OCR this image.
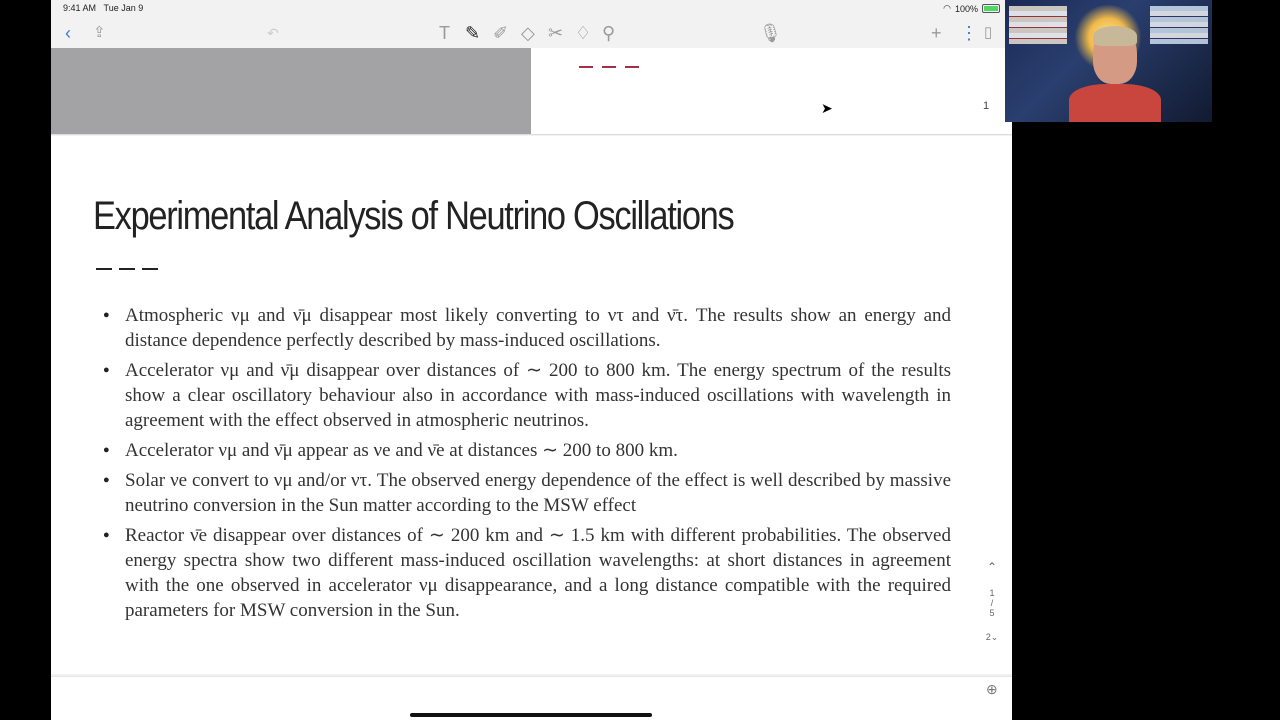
9:41 AM Tue Jan 9	◠ 100%
‹ ⇪	↶	T ✎ ✐ ◇ ✂ ♢ ⚲	🎙	+ ⋮ ▯
➤	1
Experimental Analysis of Neutrino Oscillations
● Atmospheric νμ and ν̄μ disappear most likely converting to ντ and ν̄τ. The results show an energy and distance dependence perfectly described by mass-induced oscillations.
● Accelerator νμ and ν̄μ disappear over distances of ∼ 200 to 800 km. The energy spectrum of the results show a clear oscillatory behaviour also in accordance with mass-induced oscillations with wavelength in agreement with the effect observed in atmospheric neutrinos.
● Accelerator νμ and ν̄μ appear as νe and ν̄e at distances ∼ 200 to 800 km.
● Solar νe convert to νμ and/or ντ. The observed energy dependence of the effect is well described by massive neutrino conversion in the Sun matter according to the MSW effect
● Reactor ν̄e disappear over distances of ∼ 200 km and ∼ 1.5 km with different probabilities. The observed energy spectra show two different mass-induced oscillation wavelengths: at short distances in agreement with the one observed in accelerator νμ disappearance, and a long distance compatible with the required parameters for MSW conversion in the Sun.
⌃
1
/
5
2⌄
⊕
